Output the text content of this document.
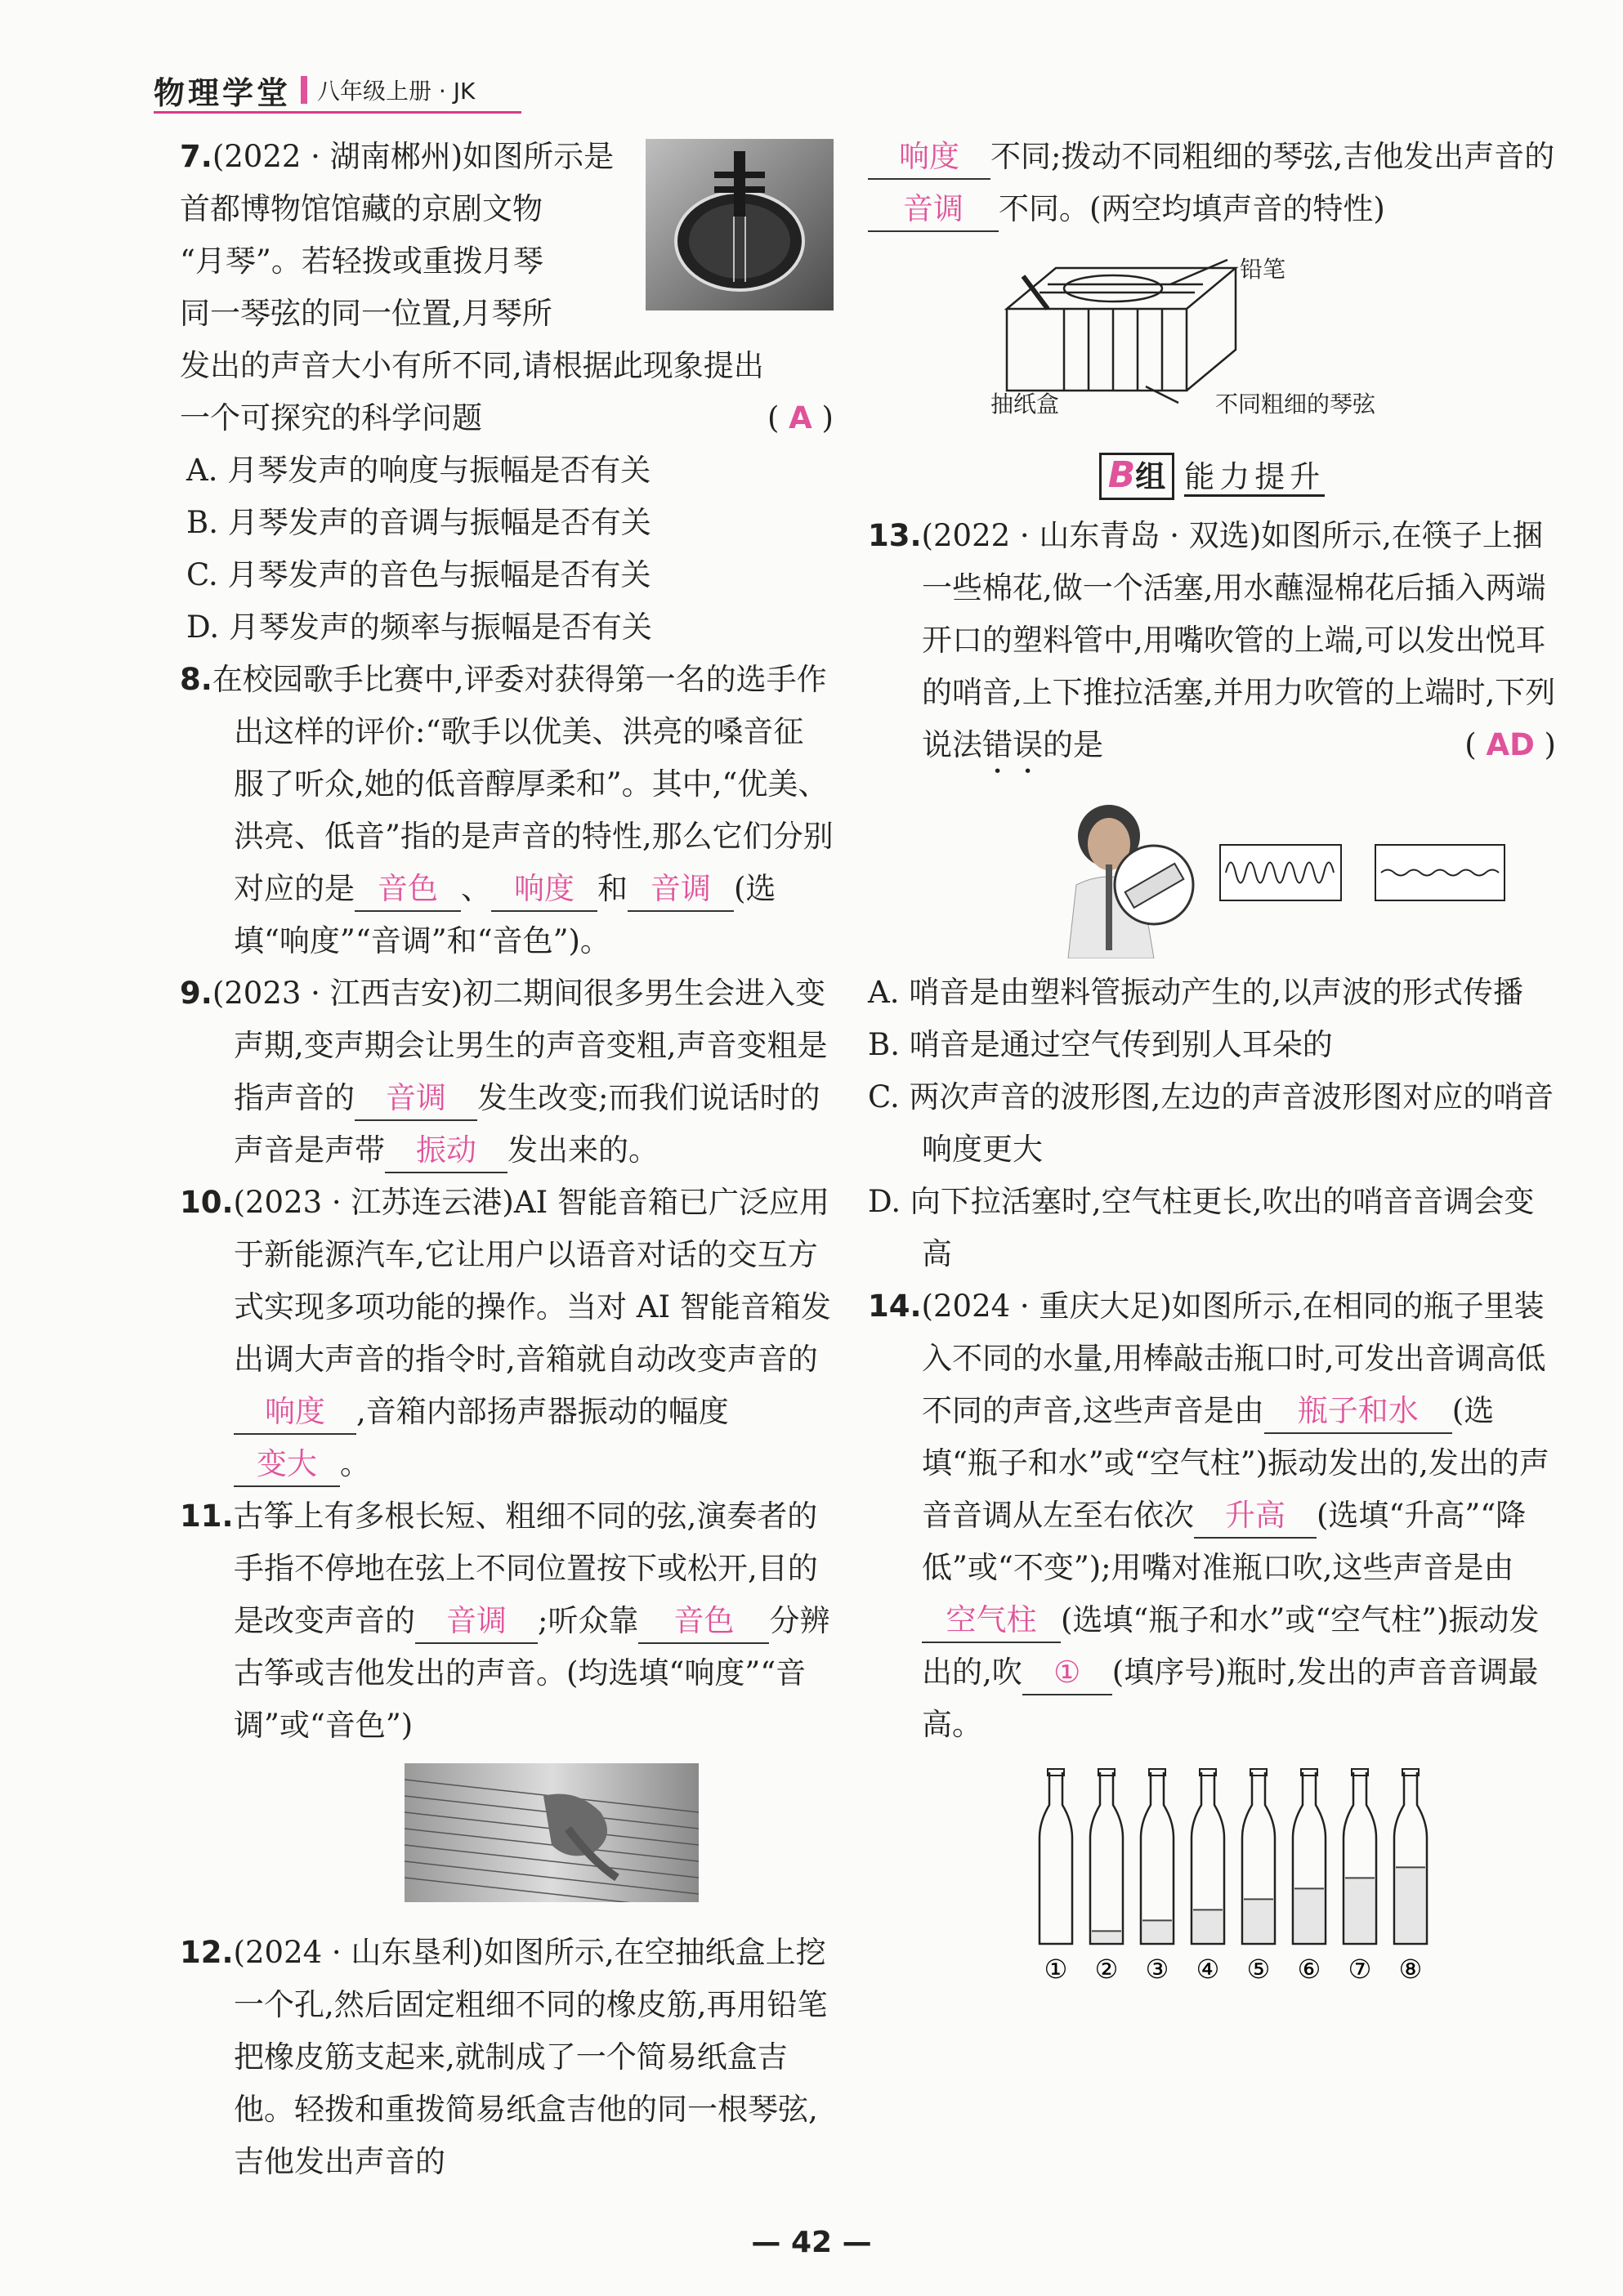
物理学堂 八年级上册 · JK
7.(2022 · 湖南郴州)如图所示是
首都博物馆馆藏的京剧文物
“月琴”。若轻拨或重拨月琴
同一琴弦的同一位置,月琴所
发出的声音大小有所不同,请根据此现象提出
一个可探究的科学问题	( A )
A. 月琴发声的响度与振幅是否有关
B. 月琴发声的音调与振幅是否有关
C. 月琴发声的音色与振幅是否有关
D. 月琴发声的频率与振幅是否有关
8.在校园歌手比赛中,评委对获得第一名的选手作出这样的评价:“歌手以优美、洪亮的嗓音征服了听众,她的低音醇厚柔和”。其中,“优美、洪亮、低音”指的是声音的特性,那么它们分别对应的是 音色 、 响度 和 音调 (选填“响度”“音调”和“音色”)。
9.(2023 · 江西吉安)初二期间很多男生会进入变声期,变声期会让男生的声音变粗,声音变粗是指声音的 音调 发生改变;而我们说话时的声音是声带 振动 发出来的。
10.(2023 · 江苏连云港)AI 智能音箱已广泛应用于新能源汽车,它让用户以语音对话的交互方式实现多项功能的操作。当对 AI 智能音箱发出调大声音的指令时,音箱就自动改变声音的响度 ,音箱内部扬声器振动的幅度变大 。
11.古筝上有多根长短、粗细不同的弦,演奏者的手指不停地在弦上不同位置按下或松开,目的是改变声音的 音调 ;听众靠 音色 分辨古筝或吉他发出的声音。(均选填“响度”“音调”或“音色”)
12.(2024 · 山东垦利)如图所示,在空抽纸盒上挖一个孔,然后固定粗细不同的橡皮筋,再用铅笔把橡皮筋支起来,就制成了一个简易纸盒吉他。轻拨和重拨简易纸盒吉他的同一根琴弦,吉他发出声音的
响度 不同;拨动不同粗细的琴弦,吉他发出声音的音调 不同。(两空均填声音的特性)
铅笔
抽纸盒	不同粗细的琴弦
B组 能力提升
13.(2022 · 山东青岛 · 双选)如图所示,在筷子上捆一些棉花,做一个活塞,用水蘸湿棉花后插入两端开口的塑料管中,用嘴吹管的上端,可以发出悦耳的哨音,上下推拉活塞,并用力吹管的上端时,下列说法错误的是	( AD )
A. 哨音是由塑料管振动产生的,以声波的形式传播
B. 哨音是通过空气传到别人耳朵的
C. 两次声音的波形图,左边的声音波形图对应的哨音响度更大
D. 向下拉活塞时,空气柱更长,吹出的哨音音调会变高
14.(2024 · 重庆大足)如图所示,在相同的瓶子里装入不同的水量,用棒敲击瓶口时,可发出音调高低不同的声音,这些声音是由 瓶子和水 (选填“瓶子和水”或“空气柱”)振动发出的,发出的声音音调从左至右依次 升高 (选填“升高”“降低”或“不变”);用嘴对准瓶口吹,这些声音是由空气柱 (选填“瓶子和水”或“空气柱”)振动发出的,吹 ① (填序号)瓶时,发出的声音音调最高。
① ② ③ ④ ⑤ ⑥ ⑦ ⑧
— 42 —
